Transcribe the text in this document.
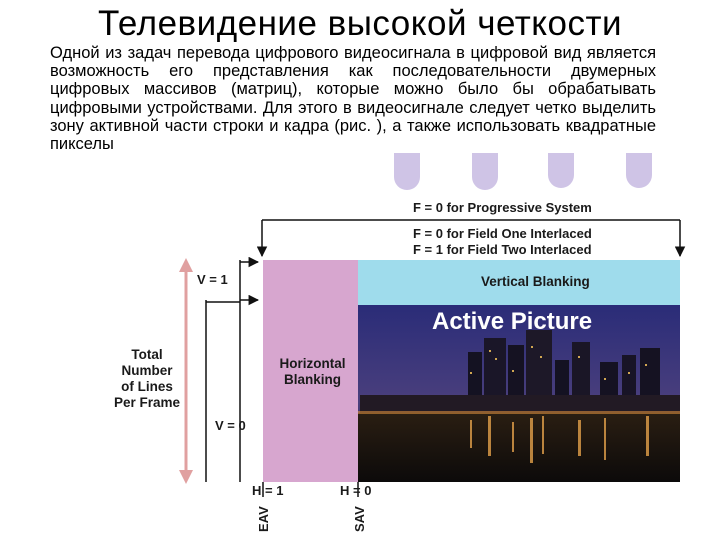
Телевидение высокой четкости
Одной из задач перевода цифрового видеосигнала в цифровой вид является возможность его представления как последовательности двумерных цифровых массивов (матриц), которые можно было бы обрабатывать цифровыми устройствами. Для этого в видеосигнале следует четко выделить зону активной части строки и кадра (рис. ), а также использовать квадратные пикселы
F = 0 for Progressive System
F = 0 for Field One Interlaced
F = 1 for Field Two Interlaced
V = 1
V = 0
Total
Number
of Lines
Per Frame
Horizontal
Blanking
Vertical Blanking
Active Picture
H = 1	H = 0
EAV	SAV
